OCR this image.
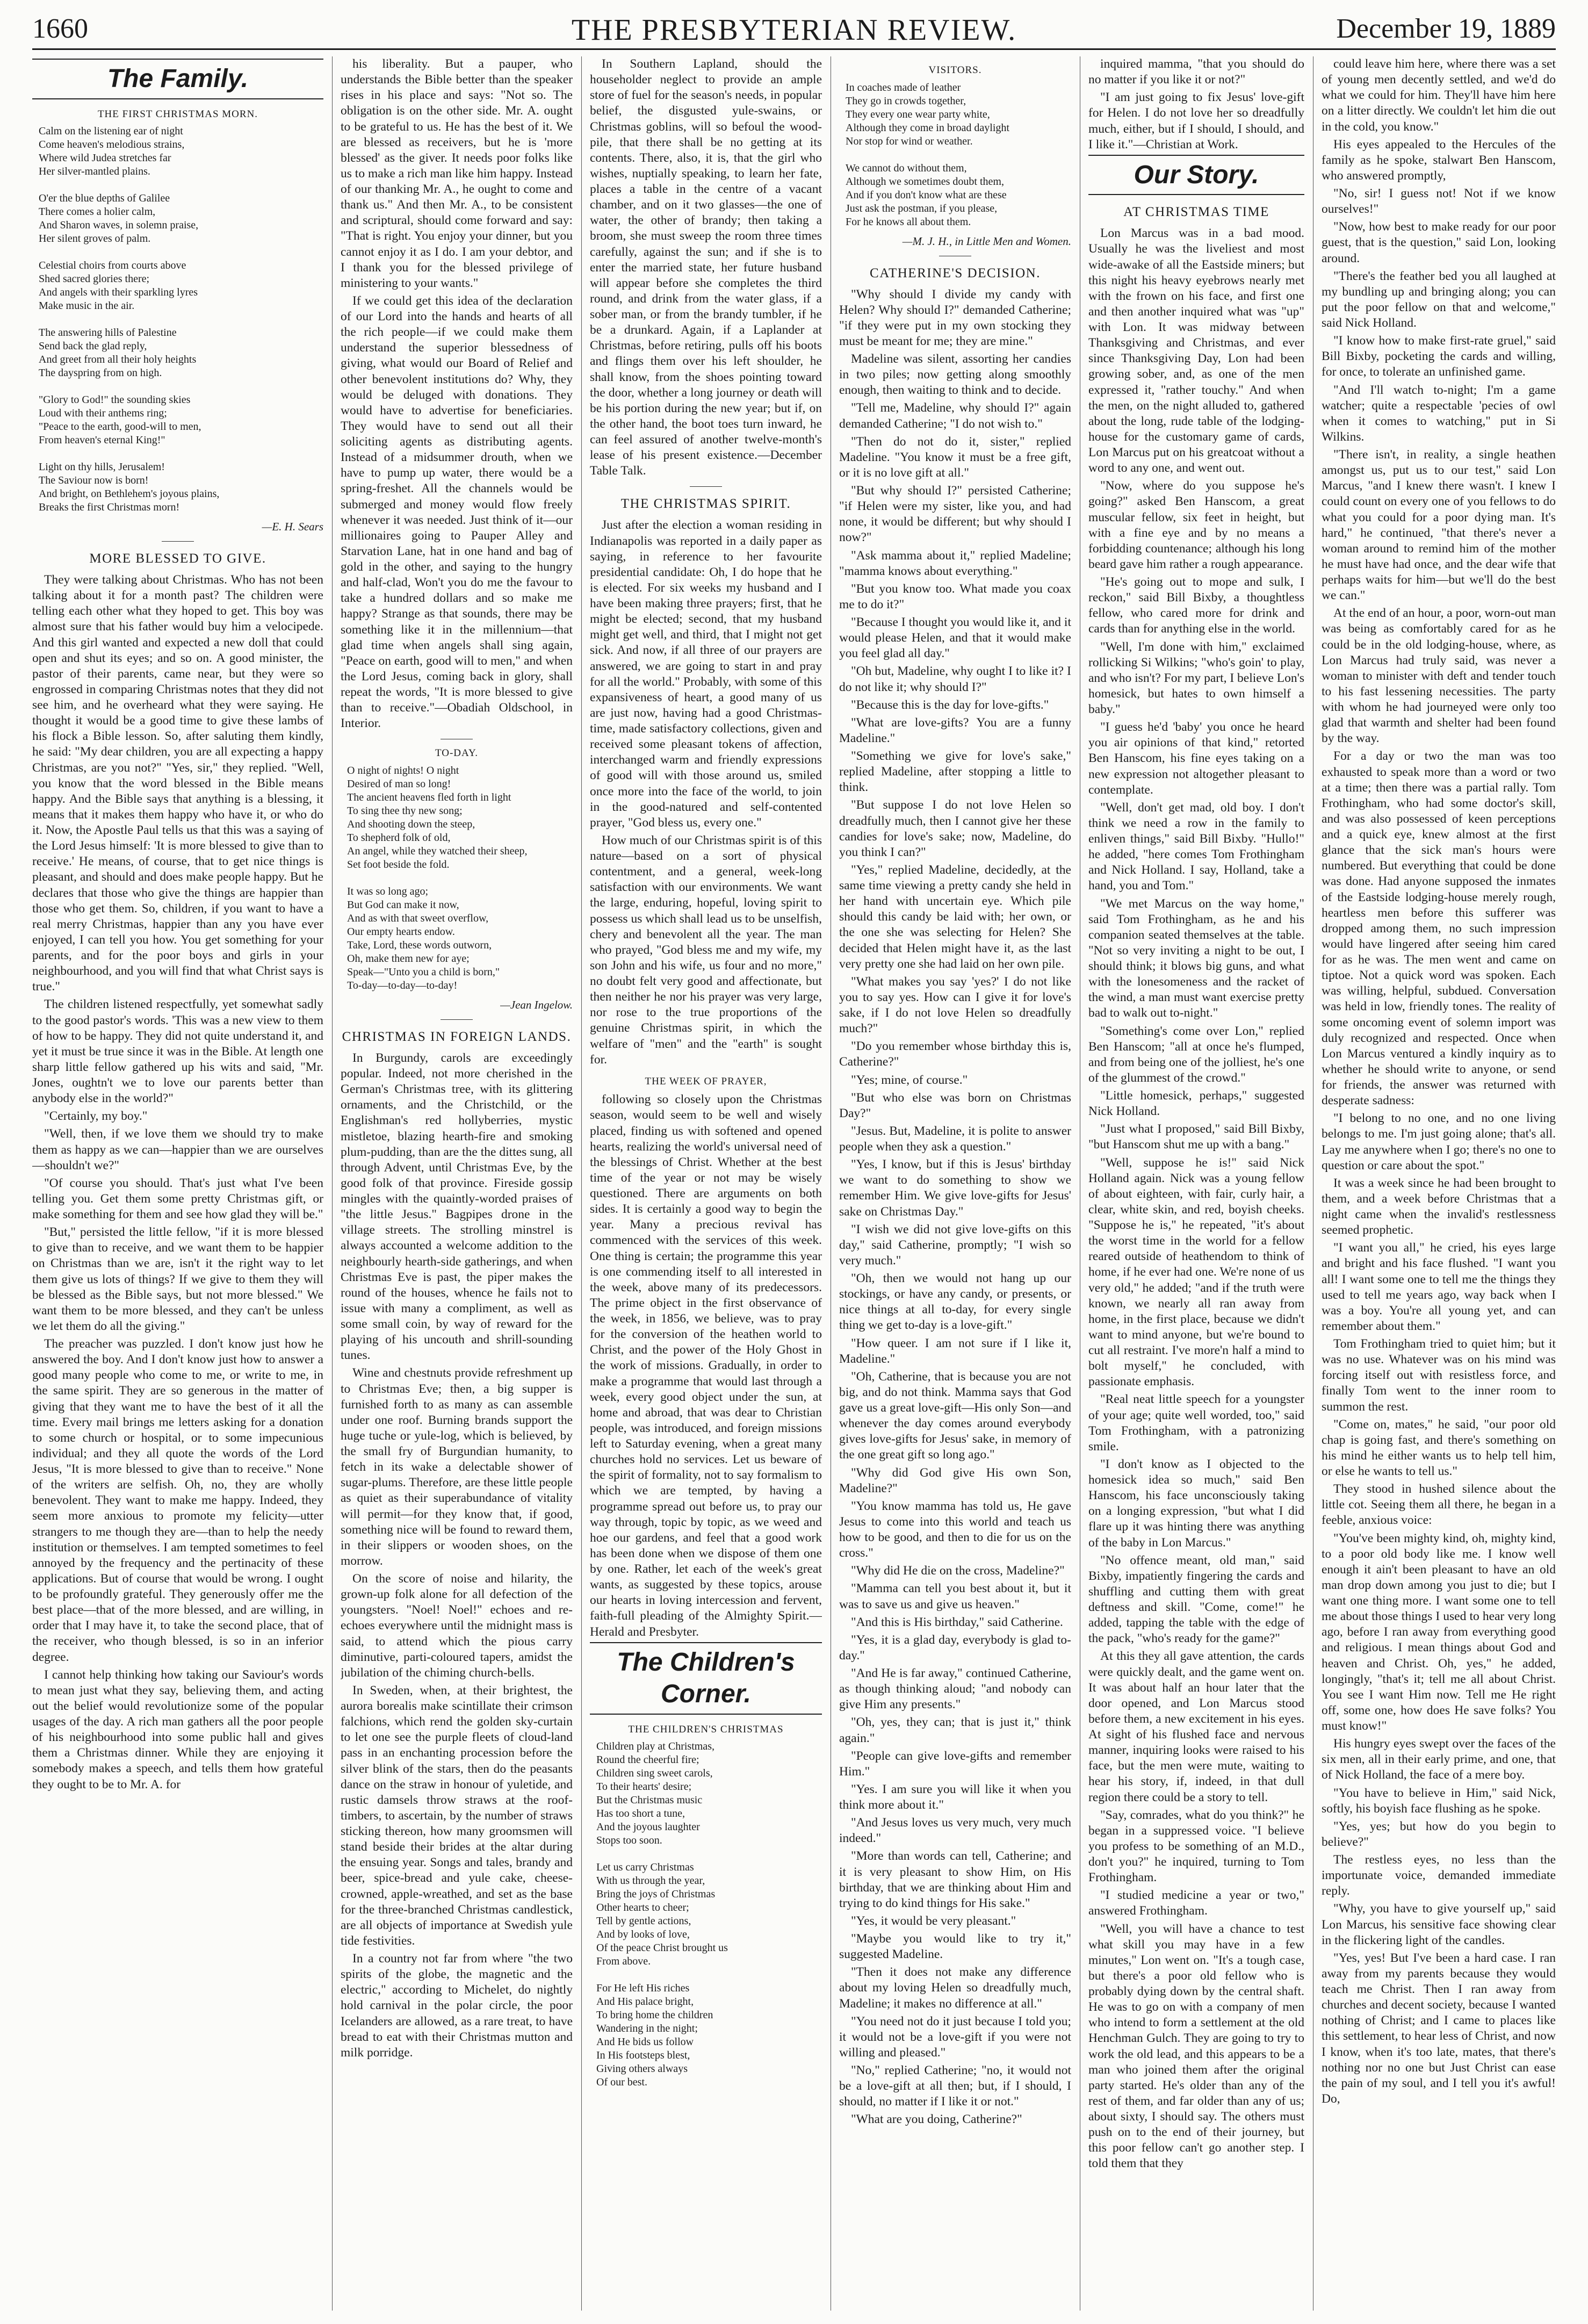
1660	THE PRESBYTERIAN REVIEW.	December 19, 1889
The Family.
THE FIRST CHRISTMAS MORN.
Calm on the listening ear of night
Come heaven's melodious strains,
Where wild Judea stretches far
Her silver-mantled plains.

O'er the blue depths of Galilee
There comes a holier calm,
And Sharon waves, in solemn praise,
Her silent groves of palm.

Celestial choirs from courts above
Shed sacred glories there;
And angels with their sparkling lyres
Make music in the air.

The answering hills of Palestine
Send back the glad reply,
And greet from all their holy heights
The dayspring from on high.

"Glory to God!" the sounding skies
Loud with their anthems ring;
"Peace to the earth, good-will to men,
From heaven's eternal King!"

Light on thy hills, Jerusalem!
The Saviour now is born!
And bright, on Bethlehem's joyous plains,
Breaks the first Christmas morn!
—E. H. Sears
MORE BLESSED TO GIVE.

They were talking about Christmas. Who has not been talking about it for a month past? The children were telling each other what they hoped to get. This boy was almost sure that his father would buy him a velocipede. And this girl wanted and expected a new doll that could open and shut its eyes; and so on. A good minister, the pastor of their parents, came near, but they were so engrossed in comparing Christmas notes that they did not see him, and he overheard what they were saying. He thought it would be a good time to give these lambs of his flock a Bible lesson. So, after saluting them kindly, he said: "My dear children, you are all expecting a happy Christmas, are you not?" "Yes, sir," they replied. "Well, you know that the word blessed in the Bible means happy. And the Bible says that anything is a blessing, it means that it makes them happy who have it, or who do it. Now, the Apostle Paul tells us that this was a saying of the Lord Jesus himself: 'It is more blessed to give than to receive.' He means, of course, that to get nice things is pleasant, and should and does make people happy. But he declares that those who give the things are happier than those who get them. So, children, if you want to have a real merry Christmas, happier than any you have ever enjoyed, I can tell you how. You get something for your parents, and for the poor boys and girls in your neighbourhood, and you will find that what Christ says is true."

The children listened respectfully, yet somewhat sadly to the good pastor's words. 'This was a new view to them of how to be happy. They did not quite understand it, and yet it must be true since it was in the Bible. At length one sharp little fellow gathered up his wits and said, "Mr. Jones, oughtn't we to love our parents better than anybody else in the world?"

"Certainly, my boy."

"Well, then, if we love them we should try to make them as happy as we can—happier than we are ourselves—shouldn't we?"

"Of course you should. That's just what I've been telling you. Get them some pretty Christmas gift, or make something for them and see how glad they will be."

"But," persisted the little fellow, "if it is more blessed to give than to receive, and we want them to be happier on Christmas than we are, isn't it the right way to let them give us lots of things? If we give to them they will be blessed as the Bible says, but not more blessed." We want them to be more blessed, and they can't be unless we let them do all the giving."

The preacher was puzzled. I don't know just how he answered the boy. And I don't know just how to answer a good many people who come to me, or write to me, in the same spirit. They are so generous in the matter of giving that they want me to have the best of it all the time. Every mail brings me letters asking for a donation to some church or hospital, or to some impecunious individual; and they all quote the words of the Lord Jesus, "It is more blessed to give than to receive." None of the writers are selfish. Oh, no, they are wholly benevolent. They want to make me happy. Indeed, they seem more anxious to promote my felicity—utter strangers to me though they are—than to help the needy institution or themselves. I am tempted sometimes to feel annoyed by the frequency and the pertinacity of these applications. But of course that would be wrong. I ought to be profoundly grateful. They generously offer me the best place—that of the more blessed, and are willing, in order that I may have it, to take the second place, that of the receiver, who though blessed, is so in an inferior degree.

I cannot help thinking how taking our Saviour's words to mean just what they say, believing them, and acting out the belief would revolutionize some of the popular usages of the day. A rich man gathers all the poor people of his neighbourhood into some public hall and gives them a Christmas dinner. While they are enjoying it somebody makes a speech, and tells them how grateful they ought to be to Mr. A. for

his liberality. But a pauper, who understands the Bible better than the speaker rises in his place and says: "Not so. The obligation is on the other side. Mr. A. ought to be grateful to us. He has the best of it. We are blessed as receivers, but he is 'more blessed' as the giver. It needs poor folks like us to make a rich man like him happy. Instead of our thanking Mr. A., he ought to come and thank us." And then Mr. A., to be consistent and scriptural, should come forward and say: "That is right. You enjoy your dinner, but you cannot enjoy it as I do. I am your debtor, and I thank you for the blessed privilege of ministering to your wants."

If we could get this idea of the declaration of our Lord into the hands and hearts of all the rich people—if we could make them understand the superior blessedness of giving, what would our Board of Relief and other benevolent institutions do? Why, they would be deluged with donations. They would have to advertise for beneficiaries. They would have to send out all their soliciting agents as distributing agents. Instead of a midsummer drouth, when we have to pump up water, there would be a spring-freshet. All the channels would be submerged and money would flow freely whenever it was needed. Just think of it—our millionaires going to Pauper Alley and Starvation Lane, hat in one hand and bag of gold in the other, and saying to the hungry and half-clad, Won't you do me the favour to take a hundred dollars and so make me happy? Strange as that sounds, there may be something like it in the millennium—that glad time when angels shall sing again, "Peace on earth, good will to men," and when the Lord Jesus, coming back in glory, shall repeat the words, "It is more blessed to give than to receive."—Obadiah Oldschool, in Interior.

TO-DAY.
O night of nights! O night
Desired of man so long!
The ancient heavens fled forth in light
To sing thee thy new song;
And shooting down the steep,
To shepherd folk of old,
An angel, while they watched their sheep,
Set foot beside the fold.

It was so long ago;
But God can make it now,
And as with that sweet overflow,
Our empty hearts endow.
Take, Lord, these words outworn,
Oh, make them new for aye;
Speak—"Unto you a child is born,"
To-day—to-day—to-day!
—Jean Ingelow.
CHRISTMAS IN FOREIGN LANDS.

In Burgundy, carols are exceedingly popular. Indeed, not more cherished in the German's Christmas tree, with its glittering ornaments, and the Christchild, or the Englishman's red hollyberries, mystic mistletoe, blazing hearth-fire and smoking plum-pudding, than are the the dittes sung, all through Advent, until Christmas Eve, by the good folk of that province. Fireside gossip mingles with the quaintly-worded praises of "the little Jesus." Bagpipes drone in the village streets. The strolling minstrel is always accounted a welcome addition to the neighbourly hearth-side gatherings, and when Christmas Eve is past, the piper makes the round of the houses, whence he fails not to issue with many a compliment, as well as some small coin, by way of reward for the playing of his uncouth and shrill-sounding tunes.

Wine and chestnuts provide refreshment up to Christmas Eve; then, a big supper is furnished forth to as many as can assemble under one roof. Burning brands support the huge tuche or yule-log, which is believed, by the small fry of Burgundian humanity, to fetch in its wake a delectable shower of sugar-plums. Therefore, are these little people as quiet as their superabundance of vitality will permit—for they know that, if good, something nice will be found to reward them, in their slippers or wooden shoes, on the morrow.

On the score of noise and hilarity, the grown-up folk alone for all defection of the youngsters. "Noel! Noel!" echoes and re-echoes everywhere until the midnight mass is said, to attend which the pious carry diminutive, parti-coloured tapers, amidst the jubilation of the chiming church-bells.

In Sweden, when, at their brightest, the aurora borealis make scintillate their crimson falchions, which rend the golden sky-curtain to let one see the purple fleets of cloud-land pass in an enchanting procession before the silver blink of the stars, then do the peasants dance on the straw in honour of yuletide, and rustic damsels throw straws at the roof-timbers, to ascertain, by the number of straws sticking thereon, how many groomsmen will stand beside their brides at the altar during the ensuing year. Songs and tales, brandy and beer, spice-bread and yule cake, cheese-crowned, apple-wreathed, and set as the base for the three-branched Christmas candlestick, are all objects of importance at Swedish yule tide festivities.

In a country not far from where "the two spirits of the globe, the magnetic and the electric," according to Michelet, do nightly hold carnival in the polar circle, the poor Icelanders are allowed, as a rare treat, to have bread to eat with their Christmas mutton and milk porridge.

In Southern Lapland, should the householder neglect to provide an ample store of fuel for the season's needs, in popular belief, the disgusted yule-swains, or Christmas goblins, will so befoul the wood-pile, that there shall be no getting at its contents. There, also, it is, that the girl who wishes, nuptially speaking, to learn her fate, places a table in the centre of a vacant chamber, and on it two glasses—the one of water, the other of brandy; then taking a broom, she must sweep the room three times carefully, against the sun; and if she is to enter the married state, her future husband will appear before she completes the third round, and drink from the water glass, if a sober man, or from the brandy tumbler, if he be a drunkard. Again, if a Laplander at Christmas, before retiring, pulls off his boots and flings them over his left shoulder, he shall know, from the shoes pointing toward the door, whether a long journey or death will be his portion during the new year; but if, on the other hand, the boot toes turn inward, he can feel assured of another twelve-month's lease of his present existence.—December Table Talk.

THE CHRISTMAS SPIRIT.

Just after the election a woman residing in Indianapolis was reported in a daily paper as saying, in reference to her favourite presidential candidate: Oh, I do hope that he is elected. For six weeks my husband and I have been making three prayers; first, that he might be elected; second, that my husband might get well, and third, that I might not get sick. And now, if all three of our prayers are answered, we are going to start in and pray for all the world." Probably, with some of this expansiveness of heart, a good many of us are just now, having had a good Christmas-time, made satisfactory collections, given and received some pleasant tokens of affection, interchanged warm and friendly expressions of good will with those around us, smiled once more into the face of the world, to join in the good-natured and self-contented prayer, "God bless us, every one."

How much of our Christmas spirit is of this nature—based on a sort of physical contentment, and a general, week-long satisfaction with our environments. We want the large, enduring, hopeful, loving spirit to possess us which shall lead us to be unselfish, chery and benevolent all the year. The man who prayed, "God bless me and my wife, my son John and his wife, us four and no more," no doubt felt very good and affectionate, but then neither he nor his prayer was very large, nor rose to the true proportions of the genuine Christmas spirit, in which the welfare of "men" and the "earth" is sought for.

THE WEEK OF PRAYER,

following so closely upon the Christmas season, would seem to be well and wisely placed, finding us with softened and opened hearts, realizing the world's universal need of the blessings of Christ. Whether at the best time of the year or not may be wisely questioned. There are arguments on both sides. It is certainly a good way to begin the year. Many a precious revival has commenced with the services of this week. One thing is certain; the programme this year is one commending itself to all interested in the week, above many of its predecessors. The prime object in the first observance of the week, in 1856, we believe, was to pray for the conversion of the heathen world to Christ, and the power of the Holy Ghost in the work of missions. Gradually, in order to make a programme that would last through a week, every good object under the sun, at home and abroad, that was dear to Christian people, was introduced, and foreign missions left to Saturday evening, when a great many churches hold no services. Let us beware of the spirit of formality, not to say formalism to which we are tempted, by having a programme spread out before us, to pray our way through, topic by topic, as we weed and hoe our gardens, and feel that a good work has been done when we dispose of them one by one. Rather, let each of the week's great wants, as suggested by these topics, arouse our hearts in loving intercession and fervent, faith-full pleading of the Almighty Spirit.—Herald and Presbyter.

The Children's Corner.
THE CHILDREN'S CHRISTMAS
Children play at Christmas,
Round the cheerful fire;
Children sing sweet carols,
To their hearts' desire;
But the Christmas music
Has too short a tune,
And the joyous laughter
Stops too soon.

Let us carry Christmas
With us through the year,
Bring the joys of Christmas
Other hearts to cheer;
Tell by gentle actions,
And by looks of love,
Of the peace Christ brought us
From above.

For He left His riches
And His palace bright,
To bring home the children
Wandering in the night;
And He bids us follow
In His footsteps blest,
Giving others always
Of our best.
VISITORS.
In coaches made of leather
They go in crowds together,
They every one wear party white,
Although they come in broad daylight
Nor stop for wind or weather.

We cannot do without them,
Although we sometimes doubt them,
And if you don't know what are these
Just ask the postman, if you please,
For he knows all about them.
—M. J. H., in Little Men and Women.
CATHERINE'S DECISION.

"Why should I divide my candy with Helen? Why should I?" demanded Catherine; "if they were put in my own stocking they must be meant for me; they are mine."

Madeline was silent, assorting her candies in two piles; now getting along smoothly enough, then waiting to think and to decide.

"Tell me, Madeline, why should I?" again demanded Catherine; "I do not wish to."

"Then do not do it, sister," replied Madeline. "You know it must be a free gift, or it is no love gift at all."

"But why should I?" persisted Catherine; "if Helen were my sister, like you, and had none, it would be different; but why should I now?"

"Ask mamma about it," replied Madeline; "mamma knows about everything."

"But you know too. What made you coax me to do it?"

"Because I thought you would like it, and it would please Helen, and that it would make you feel glad all day."

"Oh but, Madeline, why ought I to like it? I do not like it; why should I?"

"Because this is the day for love-gifts."

"What are love-gifts? You are a funny Madeline."

"Something we give for love's sake," replied Madeline, after stopping a little to think.

"But suppose I do not love Helen so dreadfully much, then I cannot give her these candies for love's sake; now, Madeline, do you think I can?"

"Yes," replied Madeline, decidedly, at the same time viewing a pretty candy she held in her hand with uncertain eye. Which pile should this candy be laid with; her own, or the one she was selecting for Helen? She decided that Helen might have it, as the last very pretty one she had laid on her own pile.

"What makes you say 'yes?' I do not like you to say yes. How can I give it for love's sake, if I do not love Helen so dreadfully much?"

"Do you remember whose birthday this is, Catherine?"

"Yes; mine, of course."

"But who else was born on Christmas Day?"

"Jesus. But, Madeline, it is polite to answer people when they ask a question."

"Yes, I know, but if this is Jesus' birthday we want to do something to show we remember Him. We give love-gifts for Jesus' sake on Christmas Day."

"I wish we did not give love-gifts on this day," said Catherine, promptly; "I wish so very much."

"Oh, then we would not hang up our stockings, or have any candy, or presents, or nice things at all to-day, for every single thing we get to-day is a love-gift."

"How queer. I am not sure if I like it, Madeline."

"Oh, Catherine, that is because you are not big, and do not think. Mamma says that God gave us a great love-gift—His only Son—and whenever the day comes around everybody gives love-gifts for Jesus' sake, in memory of the one great gift so long ago."

"Why did God give His own Son, Madeline?"

"You know mamma has told us, He gave Jesus to come into this world and teach us how to be good, and then to die for us on the cross."

"Why did He die on the cross, Madeline?"

"Mamma can tell you best about it, but it was to save us and give us heaven."

"And this is His birthday," said Catherine.

"Yes, it is a glad day, everybody is glad to-day."

"And He is far away," continued Catherine, as though thinking aloud; "and nobody can give Him any presents."

"Oh, yes, they can; that is just it," think again."

"People can give love-gifts and remember Him."

"Yes. I am sure you will like it when you think more about it."

"And Jesus loves us very much, very much indeed."

"More than words can tell, Catherine; and it is very pleasant to show Him, on His birthday, that we are thinking about Him and trying to do kind things for His sake."

"Yes, it would be very pleasant."

"Maybe you would like to try it," suggested Madeline.

"Then it does not make any difference about my loving Helen so dreadfully much, Madeline; it makes no difference at all."

"You need not do it just because I told you; it would not be a love-gift if you were not willing and pleased."

"No," replied Catherine; "no, it would not be a love-gift at all then; but, if I should, I should, no matter if I like it or not."

"What are you doing, Catherine?"

inquired mamma, "that you should do no matter if you like it or not?"

"I am just going to fix Jesus' love-gift for Helen. I do not love her so dreadfully much, either, but if I should, I should, and I like it."—Christian at Work.

Our Story.
AT CHRISTMAS TIME

Lon Marcus was in a bad mood. Usually he was the liveliest and most wide-awake of all the Eastside miners; but this night his heavy eyebrows nearly met with the frown on his face, and first one and then another inquired what was "up" with Lon. It was midway between Thanksgiving and Christmas, and ever since Thanksgiving Day, Lon had been growing sober, and, as one of the men expressed it, "rather touchy." And when the men, on the night alluded to, gathered about the long, rude table of the lodging-house for the customary game of cards, Lon Marcus put on his greatcoat without a word to any one, and went out.

"Now, where do you suppose he's going?" asked Ben Hanscom, a great muscular fellow, six feet in height, but with a fine eye and by no means a forbidding countenance; although his long beard gave him rather a rough appearance.

"He's going out to mope and sulk, I reckon," said Bill Bixby, a thoughtless fellow, who cared more for drink and cards than for anything else in the world.

"Well, I'm done with him," exclaimed rollicking Si Wilkins; "who's goin' to play, and who isn't? For my part, I believe Lon's homesick, but hates to own himself a baby."

"I guess he'd 'baby' you once he heard you air opinions of that kind," retorted Ben Hanscom, his fine eyes taking on a new expression not altogether pleasant to contemplate.

"Well, don't get mad, old boy. I don't think we need a row in the family to enliven things," said Bill Bixby. "Hullo!" he added, "here comes Tom Frothingham and Nick Holland. I say, Holland, take a hand, you and Tom."

"We met Marcus on the way home," said Tom Frothingham, as he and his companion seated themselves at the table. "Not so very inviting a night to be out, I should think; it blows big guns, and what with the lonesomeness and the racket of the wind, a man must want exercise pretty bad to walk out to-night."

"Something's come over Lon," replied Ben Hanscom; "all at once he's flumped, and from being one of the jolliest, he's one of the glummest of the crowd."

"Little homesick, perhaps," suggested Nick Holland.

"Just what I proposed," said Bill Bixby, "but Hanscom shut me up with a bang."

"Well, suppose he is!" said Nick Holland again. Nick was a young fellow of about eighteen, with fair, curly hair, a clear, white skin, and red, boyish cheeks. "Suppose he is," he repeated, "it's about the worst time in the world for a fellow reared outside of heathendom to think of home, if he ever had one. We're none of us very old," he added; "and if the truth were known, we nearly all ran away from home, in the first place, because we didn't want to mind anyone, but we're bound to cut all restraint. I've more'n half a mind to bolt myself," he concluded, with passionate emphasis.

"Real neat little speech for a youngster of your age; quite well worded, too," said Tom Frothingham, with a patronizing smile.

"I don't know as I objected to the homesick idea so much," said Ben Hanscom, his face unconsciously taking on a longing expression, "but what I did flare up it was hinting there was anything of the baby in Lon Marcus."

"No offence meant, old man," said Bixby, impatiently fingering the cards and shuffling and cutting them with great deftness and skill. "Come, come!" he added, tapping the table with the edge of the pack, "who's ready for the game?"

At this they all gave attention, the cards were quickly dealt, and the game went on. It was about half an hour later that the door opened, and Lon Marcus stood before them, a new excitement in his eyes. At sight of his flushed face and nervous manner, inquiring looks were raised to his face, but the men were mute, waiting to hear his story, if, indeed, in that dull region there could be a story to tell.

"Say, comrades, what do you think?" he began in a suppressed voice. "I believe you profess to be something of an M.D., don't you?" he inquired, turning to Tom Frothingham.

"I studied medicine a year or two," answered Frothingham.

"Well, you will have a chance to test what skill you may have in a few minutes," Lon went on. "It's a tough case, but there's a poor old fellow who is probably dying down by the central shaft. He was to go on with a company of men who intend to form a settlement at the old Henchman Gulch. They are going to try to work the old lead, and this appears to be a man who joined them after the original party started. He's older than any of the rest of them, and far older than any of us; about sixty, I should say. The others must push on to the end of their journey, but this poor fellow can't go another step. I told them that they

could leave him here, where there was a set of young men decently settled, and we'd do what we could for him. They'll have him here on a litter directly. We couldn't let him die out in the cold, you know."

His eyes appealed to the Hercules of the family as he spoke, stalwart Ben Hanscom, who answered promptly,

"No, sir! I guess not! Not if we know ourselves!"

"Now, how best to make ready for our poor guest, that is the question," said Lon, looking around.

"There's the feather bed you all laughed at my bundling up and bringing along; you can put the poor fellow on that and welcome," said Nick Holland.

"I know how to make first-rate gruel," said Bill Bixby, pocketing the cards and willing, for once, to tolerate an unfinished game.

"And I'll watch to-night; I'm a game watcher; quite a respectable 'pecies of owl when it comes to watching," put in Si Wilkins.

"There isn't, in reality, a single heathen amongst us, put us to our test," said Lon Marcus, "and I knew there wasn't. I knew I could count on every one of you fellows to do what you could for a poor dying man. It's hard," he continued, "that there's never a woman around to remind him of the mother he must have had once, and the dear wife that perhaps waits for him—but we'll do the best we can."

At the end of an hour, a poor, worn-out man was being as comfortably cared for as he could be in the old lodging-house, where, as Lon Marcus had truly said, was never a woman to minister with deft and tender touch to his fast lessening necessities. The party with whom he had journeyed were only too glad that warmth and shelter had been found by the way.

For a day or two the man was too exhausted to speak more than a word or two at a time; then there was a partial rally. Tom Frothingham, who had some doctor's skill, and was also possessed of keen perceptions and a quick eye, knew almost at the first glance that the sick man's hours were numbered. But everything that could be done was done. Had anyone supposed the inmates of the Eastside lodging-house merely rough, heartless men before this sufferer was dropped among them, no such impression would have lingered after seeing him cared for as he was. The men went and came on tiptoe. Not a quick word was spoken. Each was willing, helpful, subdued. Conversation was held in low, friendly tones. The reality of some oncoming event of solemn import was duly recognized and respected. Once when Lon Marcus ventured a kindly inquiry as to whether he should write to anyone, or send for friends, the answer was returned with desperate sadness:

"I belong to no one, and no one living belongs to me. I'm just going alone; that's all. Lay me anywhere when I go; there's no one to question or care about the spot."

It was a week since he had been brought to them, and a week before Christmas that a night came when the invalid's restlessness seemed prophetic.

"I want you all," he cried, his eyes large and bright and his face flushed. "I want you all! I want some one to tell me the things they used to tell me years ago, way back when I was a boy. You're all young yet, and can remember about them."

Tom Frothingham tried to quiet him; but it was no use. Whatever was on his mind was forcing itself out with resistless force, and finally Tom went to the inner room to summon the rest.

"Come on, mates," he said, "our poor old chap is going fast, and there's something on his mind he either wants us to help tell him, or else he wants to tell us."

They stood in hushed silence about the little cot. Seeing them all there, he began in a feeble, anxious voice:

"You've been mighty kind, oh, mighty kind, to a poor old body like me. I know well enough it ain't been pleasant to have an old man drop down among you just to die; but I want one thing more. I want some one to tell me about those things I used to hear very long ago, before I ran away from everything good and religious. I mean things about God and heaven and Christ. Oh, yes," he added, longingly, "that's it; tell me all about Christ. You see I want Him now. Tell me He right off, some one, how does He save folks? You must know!"

His hungry eyes swept over the faces of the six men, all in their early prime, and one, that of Nick Holland, the face of a mere boy.

"You have to believe in Him," said Nick, softly, his boyish face flushing as he spoke.

"Yes, yes; but how do you begin to believe?"

The restless eyes, no less than the importunate voice, demanded immediate reply.

"Why, you have to give yourself up," said Lon Marcus, his sensitive face showing clear in the flickering light of the candles.

"Yes, yes! But I've been a hard case. I ran away from my parents because they would teach me Christ. Then I ran away from churches and decent society, because I wanted nothing of Christ; and I came to places like this settlement, to hear less of Christ, and now I know, when it's too late, mates, that there's nothing nor no one but Just Christ can ease the pain of my soul, and I tell you it's awful! Do,
